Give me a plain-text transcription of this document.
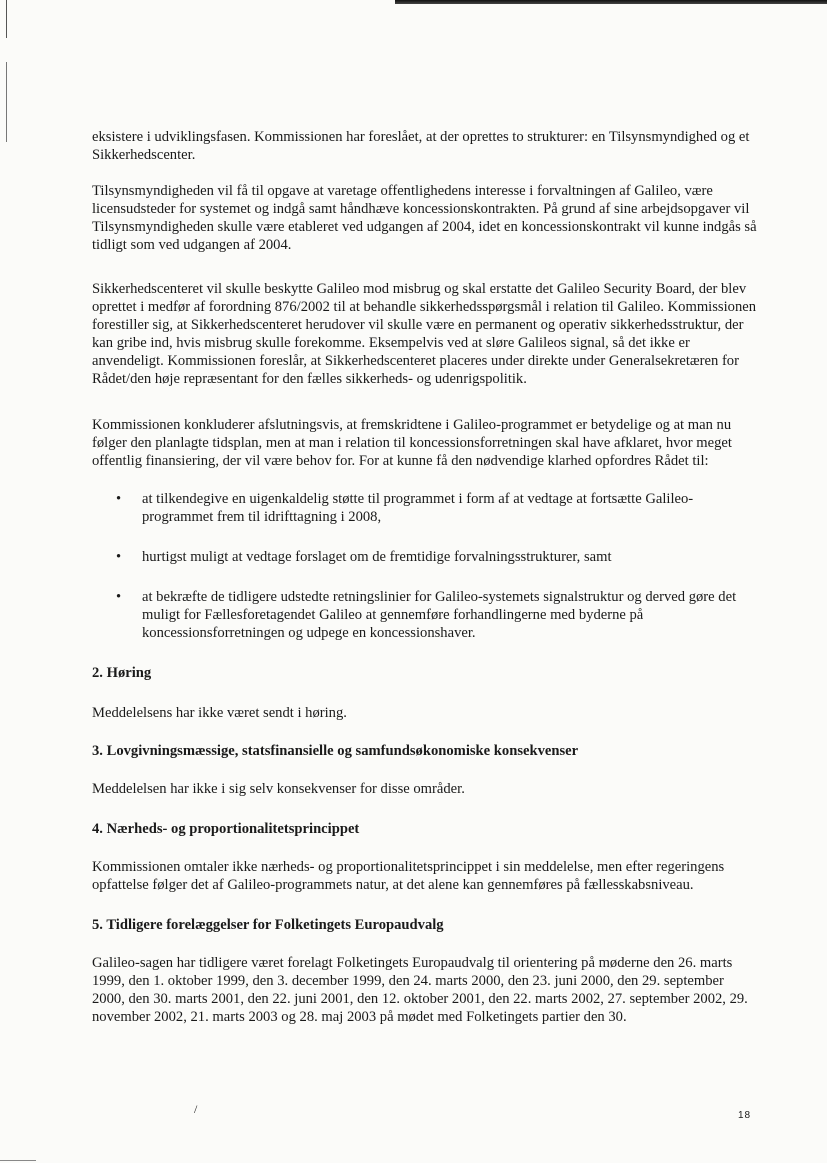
eksistere i udviklingsfasen. Kommissionen har foreslået, at der oprettes to strukturer: en Tilsynsmyndighed og et Sikkerhedscenter.

Tilsynsmyndigheden vil få til opgave at varetage offentlighedens interesse i forvaltningen af Galileo, være licensudsteder for systemet og indgå samt håndhæve koncessionskontrakten. På grund af sine arbejdsopgaver vil Tilsynsmyndigheden skulle være etableret ved udgangen af 2004, idet en koncessionskontrakt vil kunne indgås så tidligt som ved udgangen af 2004.

Sikkerhedscenteret vil skulle beskytte Galileo mod misbrug og skal erstatte det Galileo Security Board, der blev oprettet i medfør af forordning 876/2002 til at behandle sikkerhedsspørgsmål i relation til Galileo. Kommissionen forestiller sig, at Sikkerhedscenteret herudover vil skulle være en permanent og operativ sikkerhedsstruktur, der kan gribe ind, hvis misbrug skulle forekomme. Eksempelvis ved at sløre Galileos signal, så det ikke er anvendeligt. Kommissionen foreslår, at Sikkerhedscenteret placeres under direkte under Generalsekretæren for Rådet/den høje repræsentant for den fælles sikkerheds- og udenrigspolitik.

Kommissionen konkluderer afslutningsvis, at fremskridtene i Galileo-programmet er betydelige og at man nu følger den planlagte tidsplan, men at man i relation til koncessionsforretningen skal have afklaret, hvor meget offentlig finansiering, der vil være behov for. For at kunne få den nødvendige klarhed opfordres Rådet til:

• at tilkendegive en uigenkaldelig støtte til programmet i form af at vedtage at fortsætte Galileo-programmet frem til idrifttagning i 2008,
• hurtigst muligt at vedtage forslaget om de fremtidige forvalningsstrukturer, samt
• at bekræfte de tidligere udstedte retningslinier for Galileo-systemets signalstruktur og derved gøre det muligt for Fællesforetagendet Galileo at gennemføre forhandlingerne med byderne på koncessionsforretningen og udpege en koncessionshaver.
2. Høring

Meddelelsens har ikke været sendt i høring.

3. Lovgivningsmæssige, statsfinansielle og samfundsøkonomiske konsekvenser

Meddelelsen har ikke i sig selv konsekvenser for disse områder.

4. Nærheds- og proportionalitetsprincippet

Kommissionen omtaler ikke nærheds- og proportionalitetsprincippet i sin meddelelse, men efter regeringens opfattelse følger det af Galileo-programmets natur, at det alene kan gennemføres på fællesskabsniveau.

5. Tidligere forelæggelser for Folketingets Europaudvalg

Galileo-sagen har tidligere været forelagt Folketingets Europaudvalg til orientering på møderne den 26. marts 1999, den 1. oktober 1999, den 3. december 1999, den 24. marts 2000, den 23. juni 2000, den 29. september 2000, den 30. marts 2001, den 22. juni 2001, den 12. oktober 2001, den 22. marts 2002, 27. september 2002, 29. november 2002, 21. marts 2003 og 28. maj 2003 på mødet med Folketingets partier den 30.

/	18
